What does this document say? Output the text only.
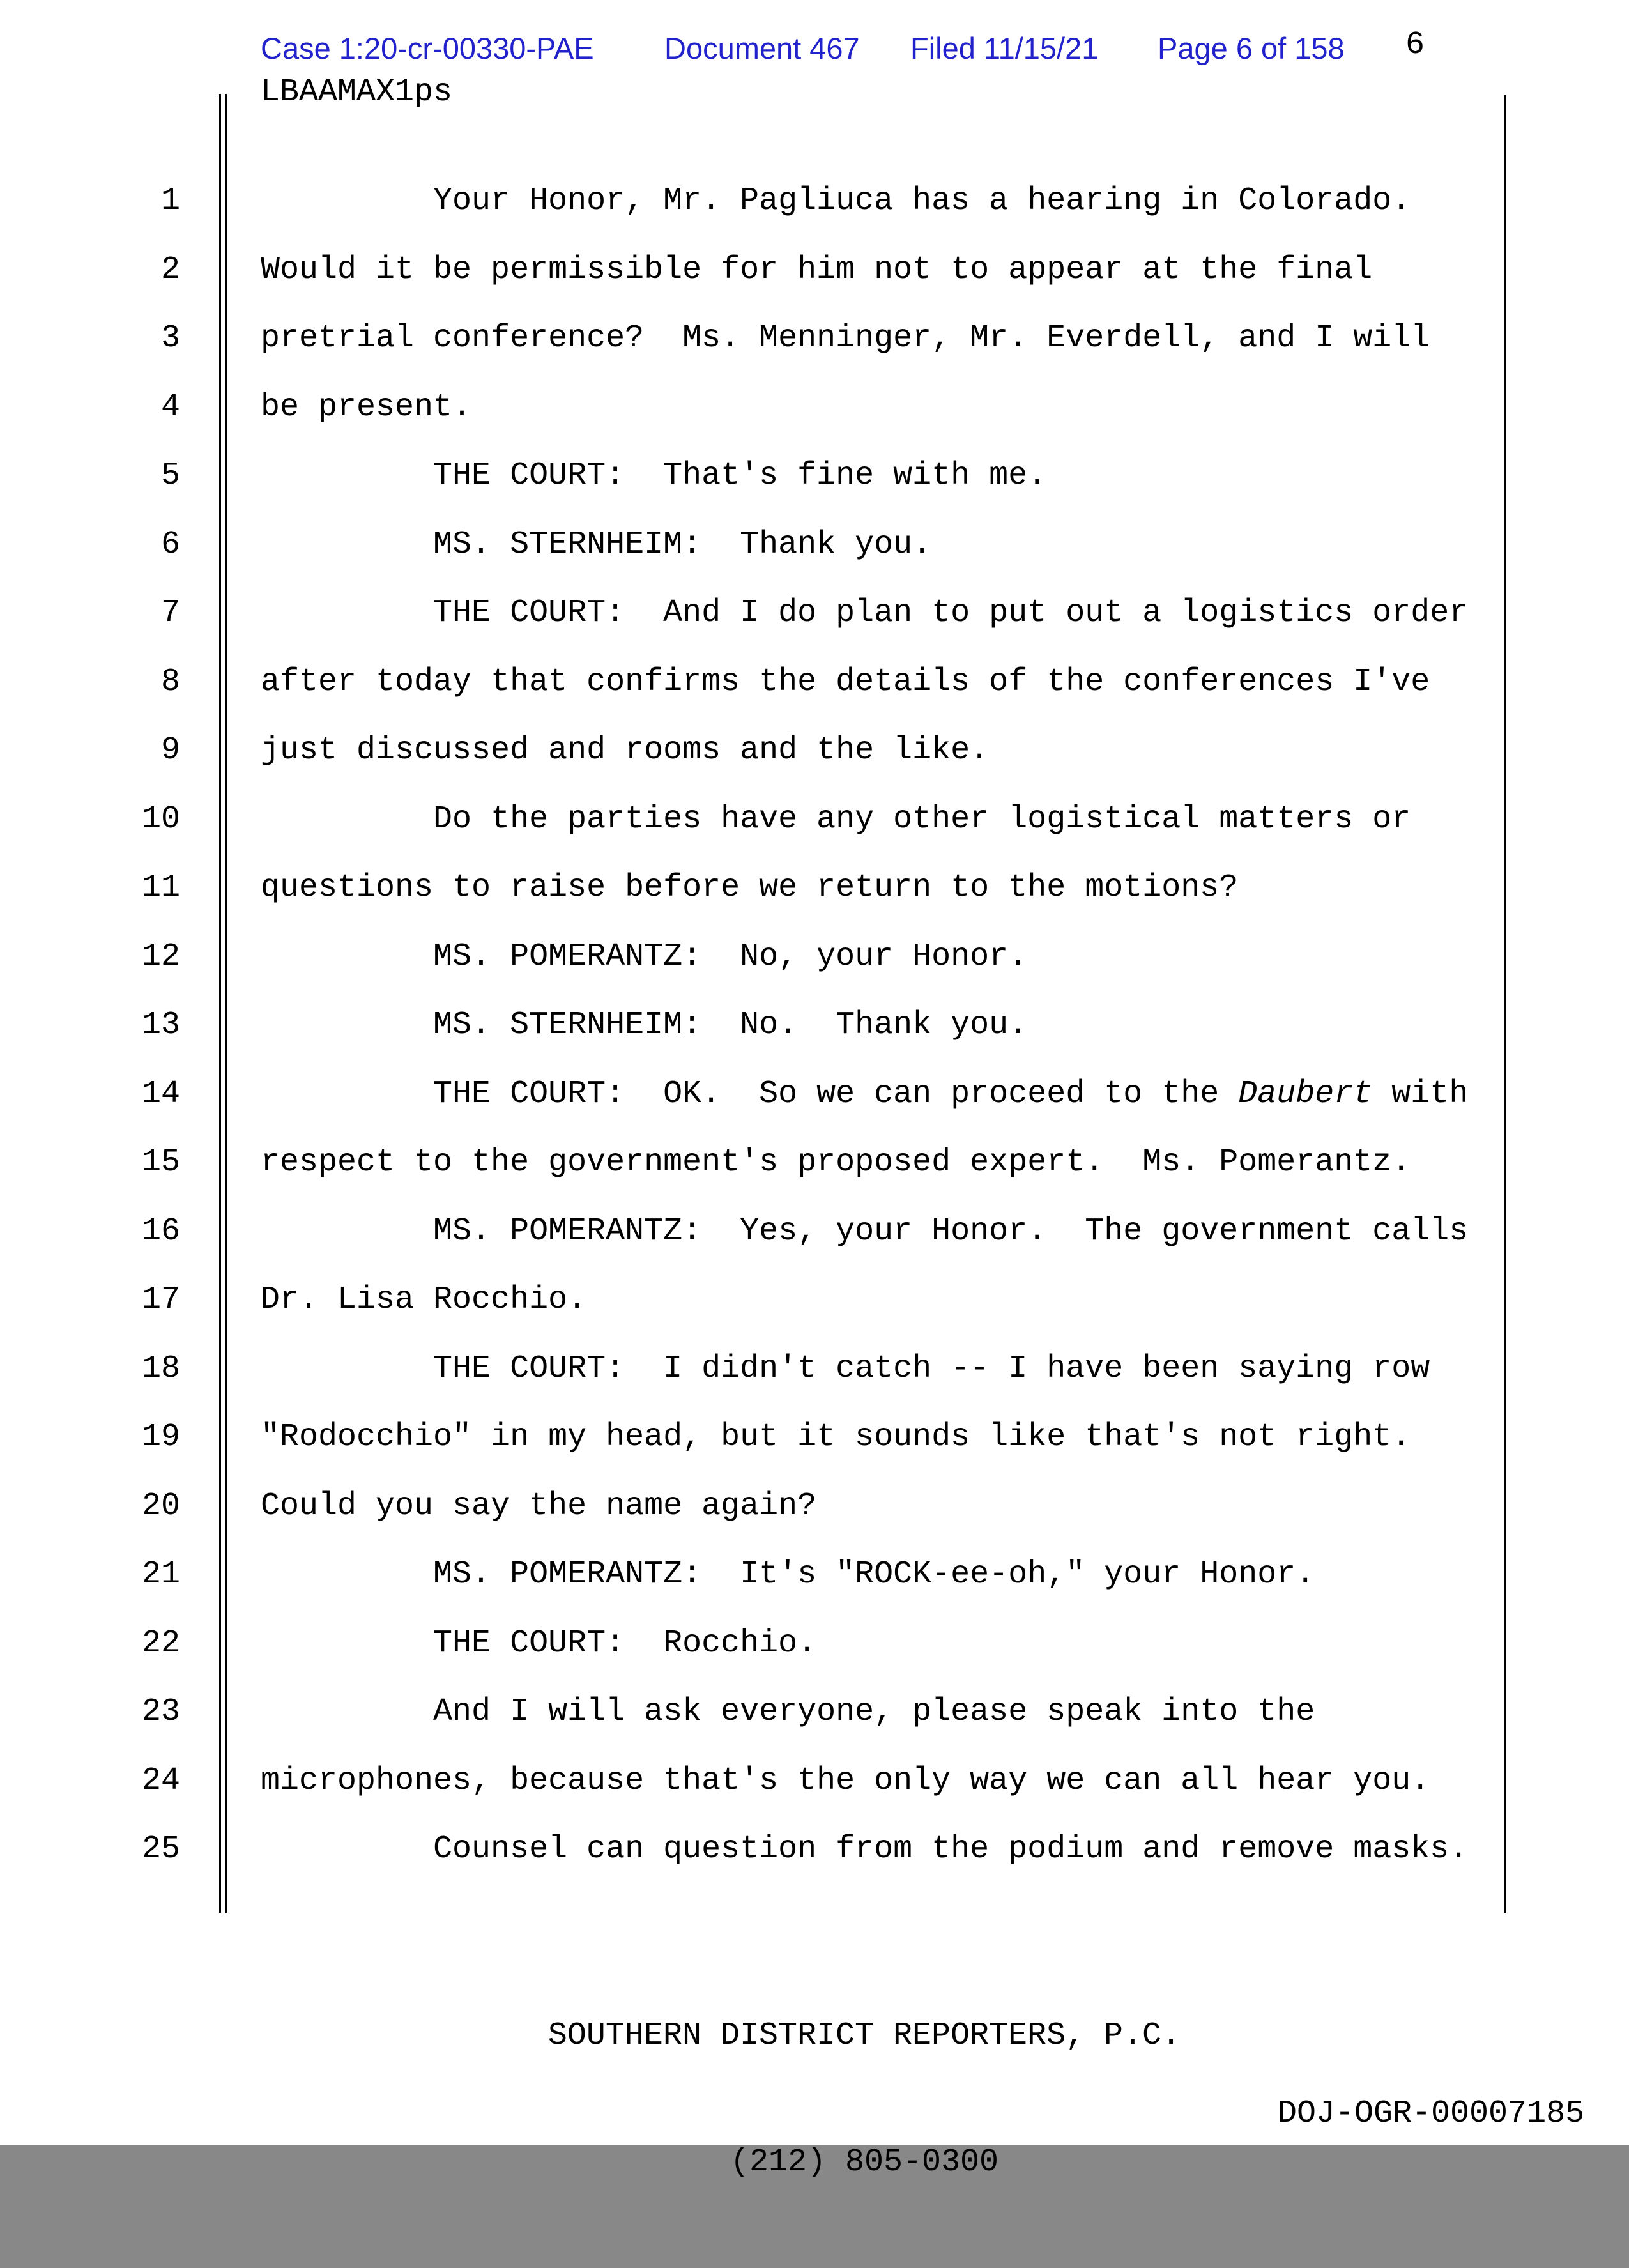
Case 1:20-cr-00330-PAE Document 467 Filed 11/15/21 Page 6 of 158 6
LBAAMAX1ps
1	Your Honor, Mr. Pagliuca has a hearing in Colorado.
2	Would it be permissible for him not to appear at the final
3	pretrial conference?  Ms. Menninger, Mr. Everdell, and I will
4	be present.
5	THE COURT:  That's fine with me.
6	MS. STERNHEIM:  Thank you.
7	THE COURT:  And I do plan to put out a logistics order
8	after today that confirms the details of the conferences I've
9	just discussed and rooms and the like.
10	Do the parties have any other logistical matters or
11	questions to raise before we return to the motions?
12	MS. POMERANTZ:  No, your Honor.
13	MS. STERNHEIM:  No.  Thank you.
14	THE COURT:  OK.  So we can proceed to the Daubert with
15	respect to the government's proposed expert.  Ms. Pomerantz.
16	MS. POMERANTZ:  Yes, your Honor.  The government calls
17	Dr. Lisa Rocchio.
18	THE COURT:  I didn't catch -- I have been saying row
19	"Rodocchio" in my head, but it sounds like that's not right.
20	Could you say the name again?
21	MS. POMERANTZ:  It's "ROCK-ee-oh," your Honor.
22	THE COURT:  Rocchio.
23	And I will ask everyone, please speak into the
24	microphones, because that's the only way we can all hear you.
25	Counsel can question from the podium and remove masks.

SOUTHERN DISTRICT REPORTERS, P.C.

(212) 805-0300

DOJ-OGR-00007185
